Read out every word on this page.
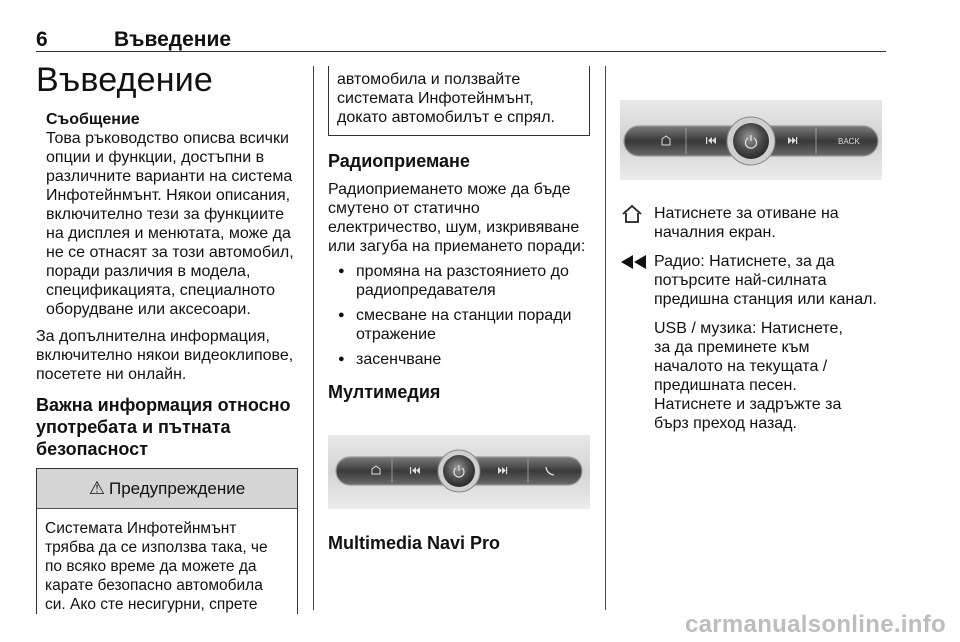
6	Въведение
Въведение
Съобщение
Това ръководство описва всички
опции и функции, достъпни в
различните варианти на система
Инфотейнмънт. Някои описания,
включително тези за функциите
на дисплея и менютата, може да
не се отнасят за този автомобил,
поради различия в модела,
спецификацията, специалното
оборудване или аксесоари.
За допълнителна информация,
включително някои видеоклипове,
посетете ни онлайн.
Важна информация относно
употребата и пътната
безопасност
⚠ Предупреждение
Системата Инфотейнмънт
трябва да се използва така, че
по всяко време да можете да
карате безопасно автомобила
си. Ако сте несигурни, спрете
автомобила и ползвайте
системата Инфотейнмънт,
докато автомобилът е спрял.
Радиоприемане
Радиоприемането може да бъде
смутено от статично
електричество, шум, изкривяване
или загуба на приемането поради:
● промяна на разстоянието до
радиопредавателя
● смесване на станции поради
отражение
● засенчване
Мултимедия
Multimedia Navi Pro
BACK
Натиснете за отиване на
началния екран.
Радио: Натиснете, за да
потърсите най-силната
предишна станция или канал.
USB / музика: Натиснете,
за да преминете към
началото на текущата /
предишната песен.
Натиснете и задръжте за
бърз преход назад.
carmanualsonline.info
